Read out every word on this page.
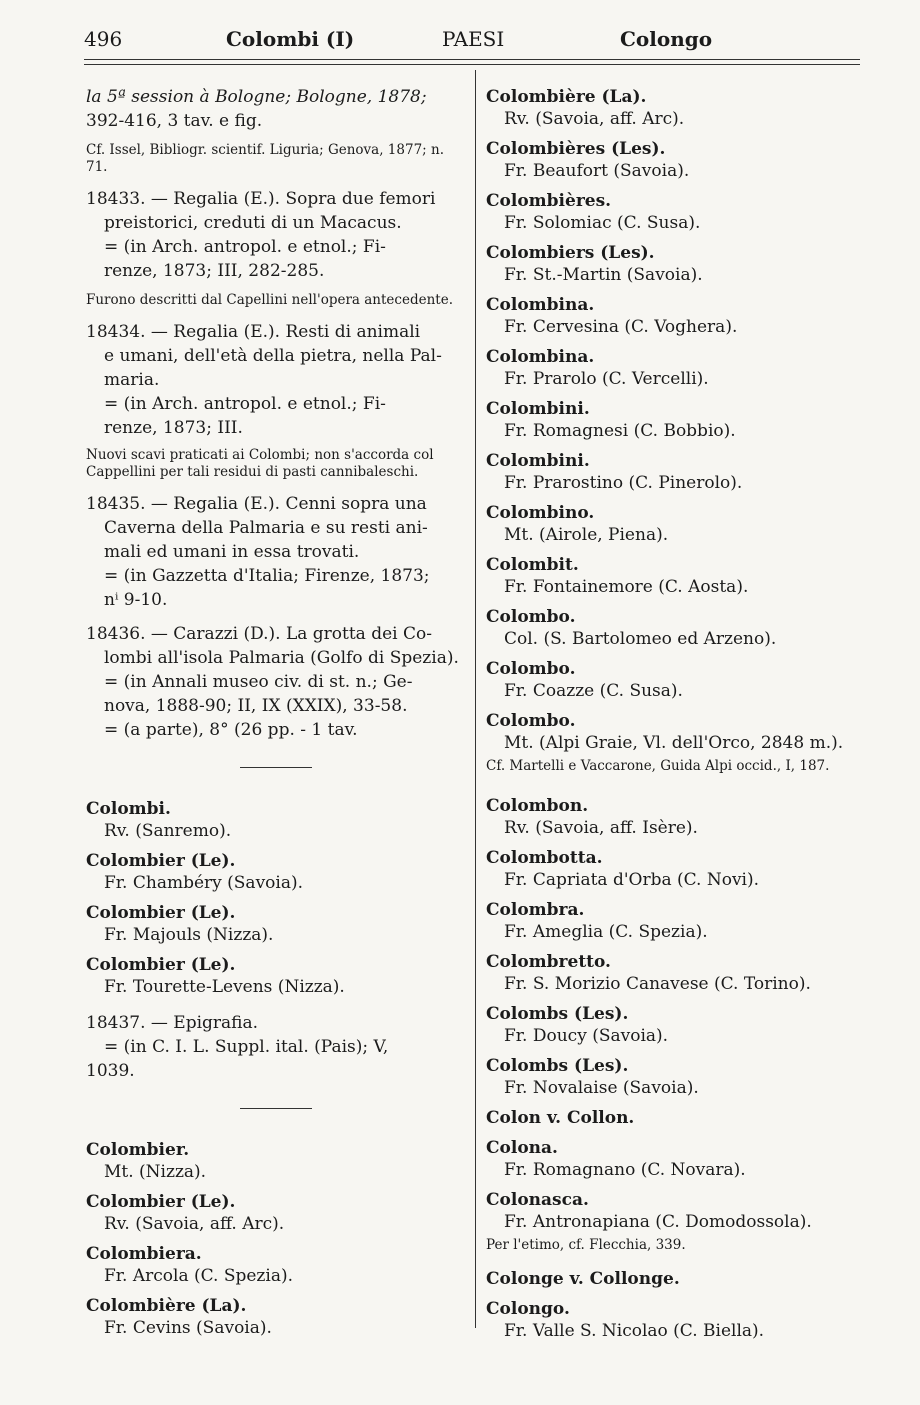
496	Colombi (I)	PAESI	Colongo
la 5ª session à Bologne; Bologne, 1878;
392-416, 3 tav. e fig.
Cf. Issel, Bibliogr. scientif. Liguria; Genova, 1877; n. 71.
18433. — Regalia (E.). Sopra due femori
preistorici, creduti di un Macacus.
= (in Arch. antropol. e etnol.; Fi-
renze, 1873; III, 282-285.
Furono descritti dal Capellini nell'opera antecedente.
18434. — Regalia (E.). Resti di animali
e umani, dell'età della pietra, nella Pal-
maria.
= (in Arch. antropol. e etnol.; Fi-
renze, 1873; III.
Nuovi scavi praticati ai Colombi; non s'accorda col Cappellini per tali residui di pasti cannibaleschi.
18435. — Regalia (E.). Cenni sopra una
Caverna della Palmaria e su resti ani-
mali ed umani in essa trovati.
= (in Gazzetta d'Italia; Firenze, 1873;
nⁱ 9-10.
18436. — Carazzi (D.). La grotta dei Co-
lombi all'isola Palmaria (Golfo di Spezia).
= (in Annali museo civ. di st. n.; Ge-
nova, 1888-90; II, IX (XXIX), 33-58.
= (a parte), 8° (26 pp. - 1 tav.
Colombi.
Rv. (Sanremo).
Colombier (Le).
Fr. Chambéry (Savoia).
Colombier (Le).
Fr. Majouls (Nizza).
Colombier (Le).
Fr. Tourette-Levens (Nizza).
18437. — Epigrafia.
= (in C. I. L. Suppl. ital. (Pais); V,
1039.
Colombier.
Mt. (Nizza).
Colombier (Le).
Rv. (Savoia, aff. Arc).
Colombiera.
Fr. Arcola (C. Spezia).
Colombière (La).
Fr. Cevins (Savoia).
Colombière (La).
Rv. (Savoia, aff. Arc).
Colombières (Les).
Fr. Beaufort (Savoia).
Colombières.
Fr. Solomiac (C. Susa).
Colombiers (Les).
Fr. St.-Martin (Savoia).
Colombina.
Fr. Cervesina (C. Voghera).
Colombina.
Fr. Prarolo (C. Vercelli).
Colombini.
Fr. Romagnesi (C. Bobbio).
Colombini.
Fr. Prarostino (C. Pinerolo).
Colombino.
Mt. (Airole, Piena).
Colombit.
Fr. Fontainemore (C. Aosta).
Colombo.
Col. (S. Bartolomeo ed Arzeno).
Colombo.
Fr. Coazze (C. Susa).
Colombo.
Mt. (Alpi Graie, Vl. dell'Orco, 2848 m.).
Cf. Martelli e Vaccarone, Guida Alpi occid., I, 187.
Colombon.
Rv. (Savoia, aff. Isère).
Colombotta.
Fr. Capriata d'Orba (C. Novi).
Colombra.
Fr. Ameglia (C. Spezia).
Colombretto.
Fr. S. Morizio Canavese (C. Torino).
Colombs (Les).
Fr. Doucy (Savoia).
Colombs (Les).
Fr. Novalaise (Savoia).
Colon v. Collon.
Colona.
Fr. Romagnano (C. Novara).
Colonasca.
Fr. Antronapiana (C. Domodossola).
Per l'etimo, cf. Flecchia, 339.
Colonge v. Collonge.
Colongo.
Fr. Valle S. Nicolao (C. Biella).
